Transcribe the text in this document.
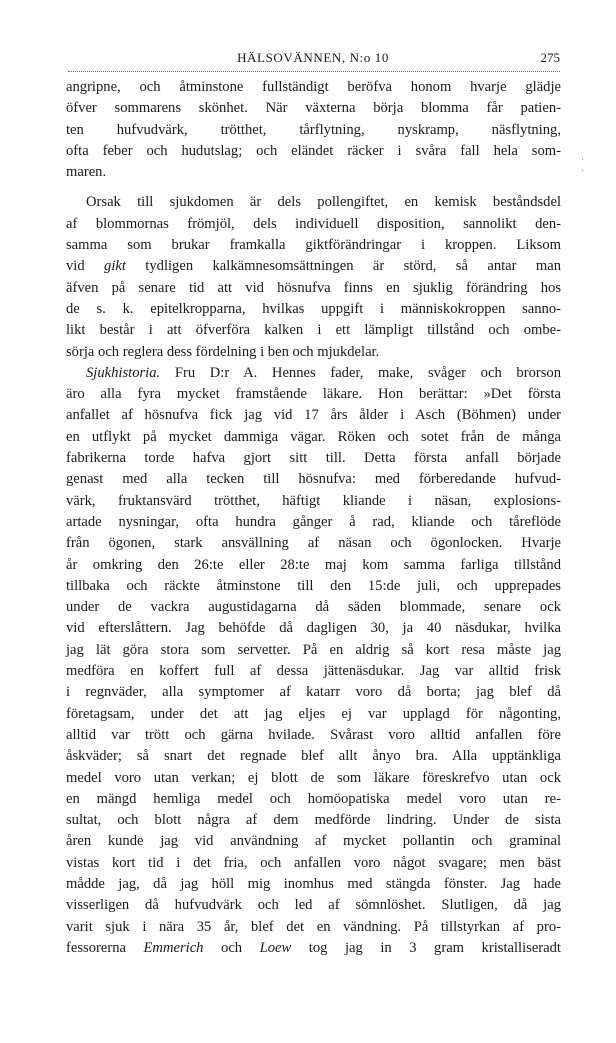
HÄLSOVÄNNEN, N:o 10	275
angripne, och åtminstone fullständigt beröfva honom hvarje glädje
öfver sommarens skönhet. När växterna börja blomma får patien-
ten hufvudvärk, trötthet, tårflytning, nyskramp, näsflytning,
ofta feber och hudutslag; och eländet räcker i svåra fall hela som-
maren.
Orsak till sjukdomen är dels pollengiftet, en kemisk beståndsdel
af blommornas frömjöl, dels individuell disposition, sannolikt den-
samma som brukar framkalla giktförändringar i kroppen. Liksom
vid gikt tydligen kalkämnesomsättningen är störd, så antar man
äfven på senare tid att vid hösnufva finns en sjuklig förändring hos
de s. k. epitelkropparna, hvilkas uppgift i människokroppen sanno-
likt består i att öfverföra kalken i ett lämpligt tillstånd och ombe-
sörja och reglera dess fördelning i ben och mjukdelar.
Sjukhistoria. Fru D:r A. Hennes fader, make, svåger och brorson
äro alla fyra mycket framstående läkare. Hon berättar: »Det första
anfallet af hösnufva fick jag vid 17 års ålder i Asch (Böhmen) under
en utflykt på mycket dammiga vägar. Röken och sotet från de många
fabrikerna torde hafva gjort sitt till. Detta första anfall började
genast med alla tecken till hösnufva: med förberedande hufvud-
värk, fruktansvärd trötthet, häftigt kliande i näsan, explosions-
artade nysningar, ofta hundra gånger å rad, kliande och tåreflöde
från ögonen, stark ansvällning af näsan och ögonlocken. Hvarje
år omkring den 26:te eller 28:te maj kom samma farliga tillstånd
tillbaka och räckte åtminstone till den 15:de juli, och upprepades
under de vackra augustidagarna då säden blommade, senare ock
vid efterslåttern. Jag behöfde då dagligen 30, ja 40 näsdukar, hvilka
jag lät göra stora som servetter. På en aldrig så kort resa måste jag
medföra en koffert full af dessa jättenäsdukar. Jag var alltid frisk
i regnväder, alla symptomer af katarr voro då borta; jag blef då
företagsam, under det att jag eljes ej var upplagd för någonting,
alltid var trött och gärna hvilade. Svårast voro alltid anfallen före
åskväder; så snart det regnade blef allt ånyo bra. Alla upptänkliga
medel voro utan verkan; ej blott de som läkare föreskrefvo utan ock
en mängd hemliga medel och homöopatiska medel voro utan re-
sultat, och blott några af dem medförde lindring. Under de sista
åren kunde jag vid användning af mycket pollantin och graminal
vistas kort tid i det fria, och anfallen voro något svagare; men bäst
mådde jag, då jag höll mig inomhus med stängda fönster. Jag hade
visserligen då hufvudvärk och led af sömnlöshet. Slutligen, då jag
varit sjuk i nära 35 år, blef det en vändning. På tillstyrkan af pro-
fessorerna Emmerich och Loew tog jag in 3 gram kristalliseradt
· ·
